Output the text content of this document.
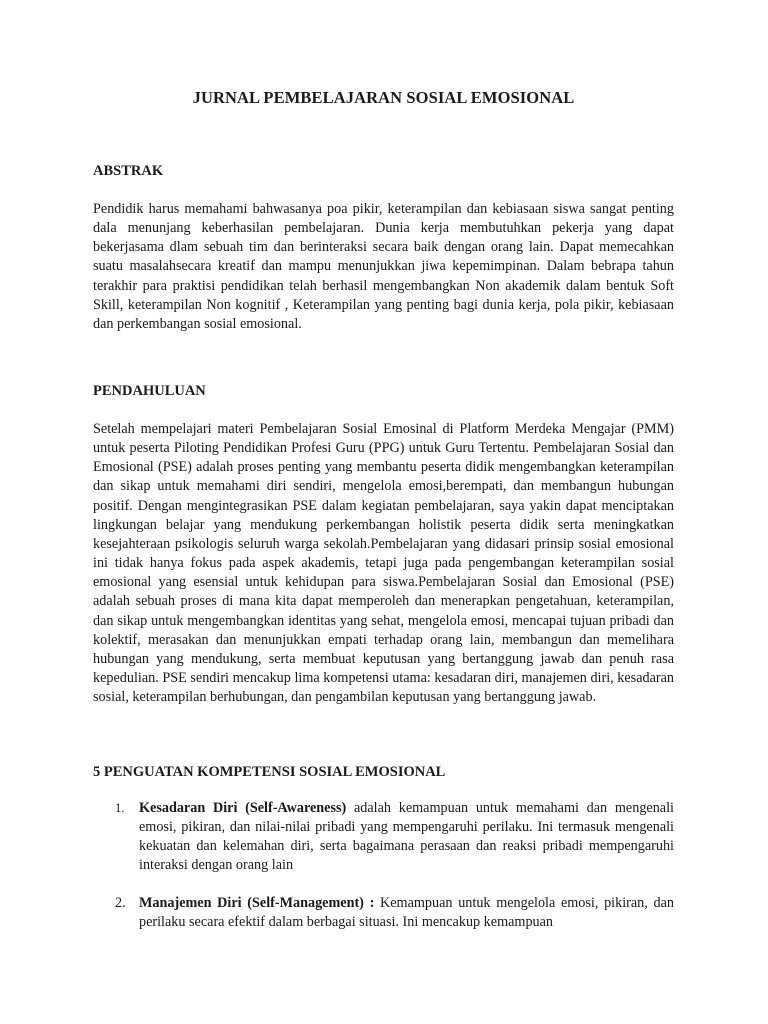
JURNAL PEMBELAJARAN SOSIAL EMOSIONAL
ABSTRAK

Pendidik harus memahami bahwasanya poa pikir, keterampilan dan kebiasaan siswa sangat penting dala menunjang keberhasilan pembelajaran. Dunia kerja membutuhkan pekerja yang dapat bekerjasama dlam sebuah tim dan berinteraksi secara baik dengan orang lain. Dapat memecahkan suatu masalahsecara kreatif dan mampu menunjukkan jiwa kepemimpinan. Dalam bebrapa tahun terakhir para praktisi pendidikan telah berhasil mengembangkan Non akademik dalam bentuk Soft Skill, keterampilan Non kognitif , Keterampilan yang penting bagi dunia kerja, pola pikir, kebiasaan dan perkembangan sosial emosional.

PENDAHULUAN

Setelah mempelajari materi Pembelajaran Sosial Emosinal di Platform Merdeka Mengajar (PMM) untuk peserta Piloting Pendidikan Profesi Guru (PPG) untuk Guru Tertentu. Pembelajaran Sosial dan Emosional (PSE) adalah proses penting yang membantu peserta didik mengembangkan keterampilan dan sikap untuk memahami diri sendiri, mengelola emosi,berempati, dan membangun hubungan positif. Dengan mengintegrasikan PSE dalam kegiatan pembelajaran, saya yakin dapat menciptakan lingkungan belajar yang mendukung perkembangan holistik peserta didik serta meningkatkan kesejahteraan psikologis seluruh warga sekolah.Pembelajaran yang didasari prinsip sosial emosional ini tidak hanya fokus pada aspek akademis, tetapi juga pada pengembangan keterampilan sosial emosional yang esensial untuk kehidupan para siswa.Pembelajaran Sosial dan Emosional (PSE) adalah sebuah proses di mana kita dapat memperoleh dan menerapkan pengetahuan, keterampilan, dan sikap untuk mengembangkan identitas yang sehat, mengelola emosi, mencapai tujuan pribadi dan kolektif, merasakan dan menunjukkan empati terhadap orang lain, membangun dan memelihara hubungan yang mendukung, serta membuat keputusan yang bertanggung jawab dan penuh rasa kepedulian. PSE sendiri mencakup lima kompetensi utama: kesadaran diri, manajemen diri, kesadaran sosial, keterampilan berhubungan, dan pengambilan keputusan yang bertanggung jawab.

5 PENGUATAN KOMPETENSI SOSIAL EMOSIONAL
1. Kesadaran Diri (Self-Awareness) adalah kemampuan untuk memahami dan mengenali emosi, pikiran, dan nilai-nilai pribadi yang mempengaruhi perilaku. Ini termasuk mengenali kekuatan dan kelemahan diri, serta bagaimana perasaan dan reaksi pribadi mempengaruhi interaksi dengan orang lain
2. Manajemen Diri (Self-Management) : Kemampuan untuk mengelola emosi, pikiran, dan perilaku secara efektif dalam berbagai situasi. Ini mencakup kemampuan
